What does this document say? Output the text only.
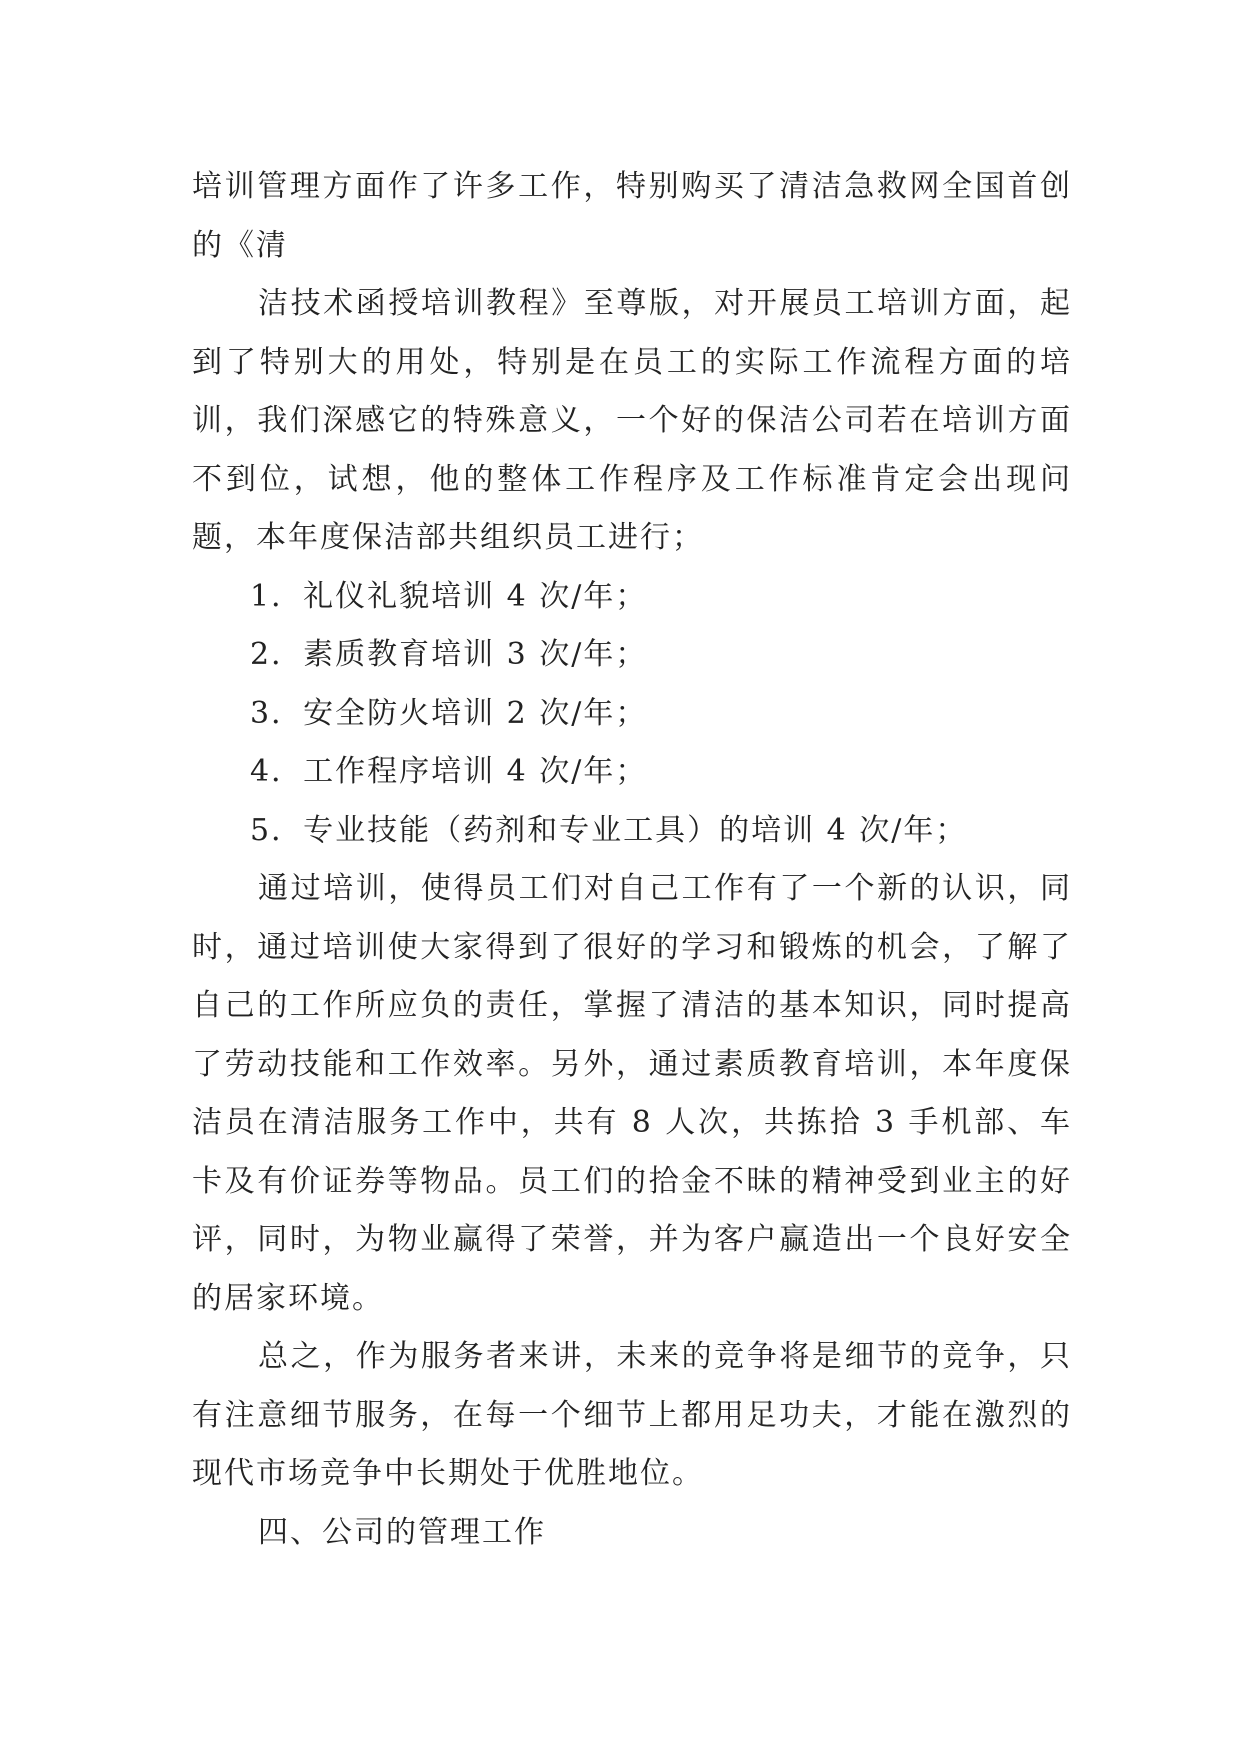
培训管理方面作了许多工作，特别购买了清洁急救网全国首创的《清

洁技术函授培训教程》至尊版，对开展员工培训方面，起到了特别大的用处，特别是在员工的实际工作流程方面的培训，我们深感它的特殊意义，一个好的保洁公司若在培训方面不到位，试想，他的整体工作程序及工作标准肯定会出现问题，本年度保洁部共组织员工进行；

1．礼仪礼貌培训 4 次/年；

2．素质教育培训 3 次/年；

3．安全防火培训 2 次/年；

4．工作程序培训 4 次/年；

5．专业技能（药剂和专业工具）的培训 4 次/年；

通过培训，使得员工们对自己工作有了一个新的认识，同时，通过培训使大家得到了很好的学习和锻炼的机会，了解了自己的工作所应负的责任，掌握了清洁的基本知识，同时提高了劳动技能和工作效率。另外，通过素质教育培训，本年度保洁员在清洁服务工作中，共有 8 人次，共拣拾 3 手机部、车卡及有价证券等物品。员工们的拾金不昧的精神受到业主的好评，同时，为物业赢得了荣誉，并为客户赢造出一个良好安全的居家环境。

总之，作为服务者来讲，未来的竞争将是细节的竞争，只有注意细节服务，在每一个细节上都用足功夫，才能在激烈的现代市场竞争中长期处于优胜地位。

四、公司的管理工作
